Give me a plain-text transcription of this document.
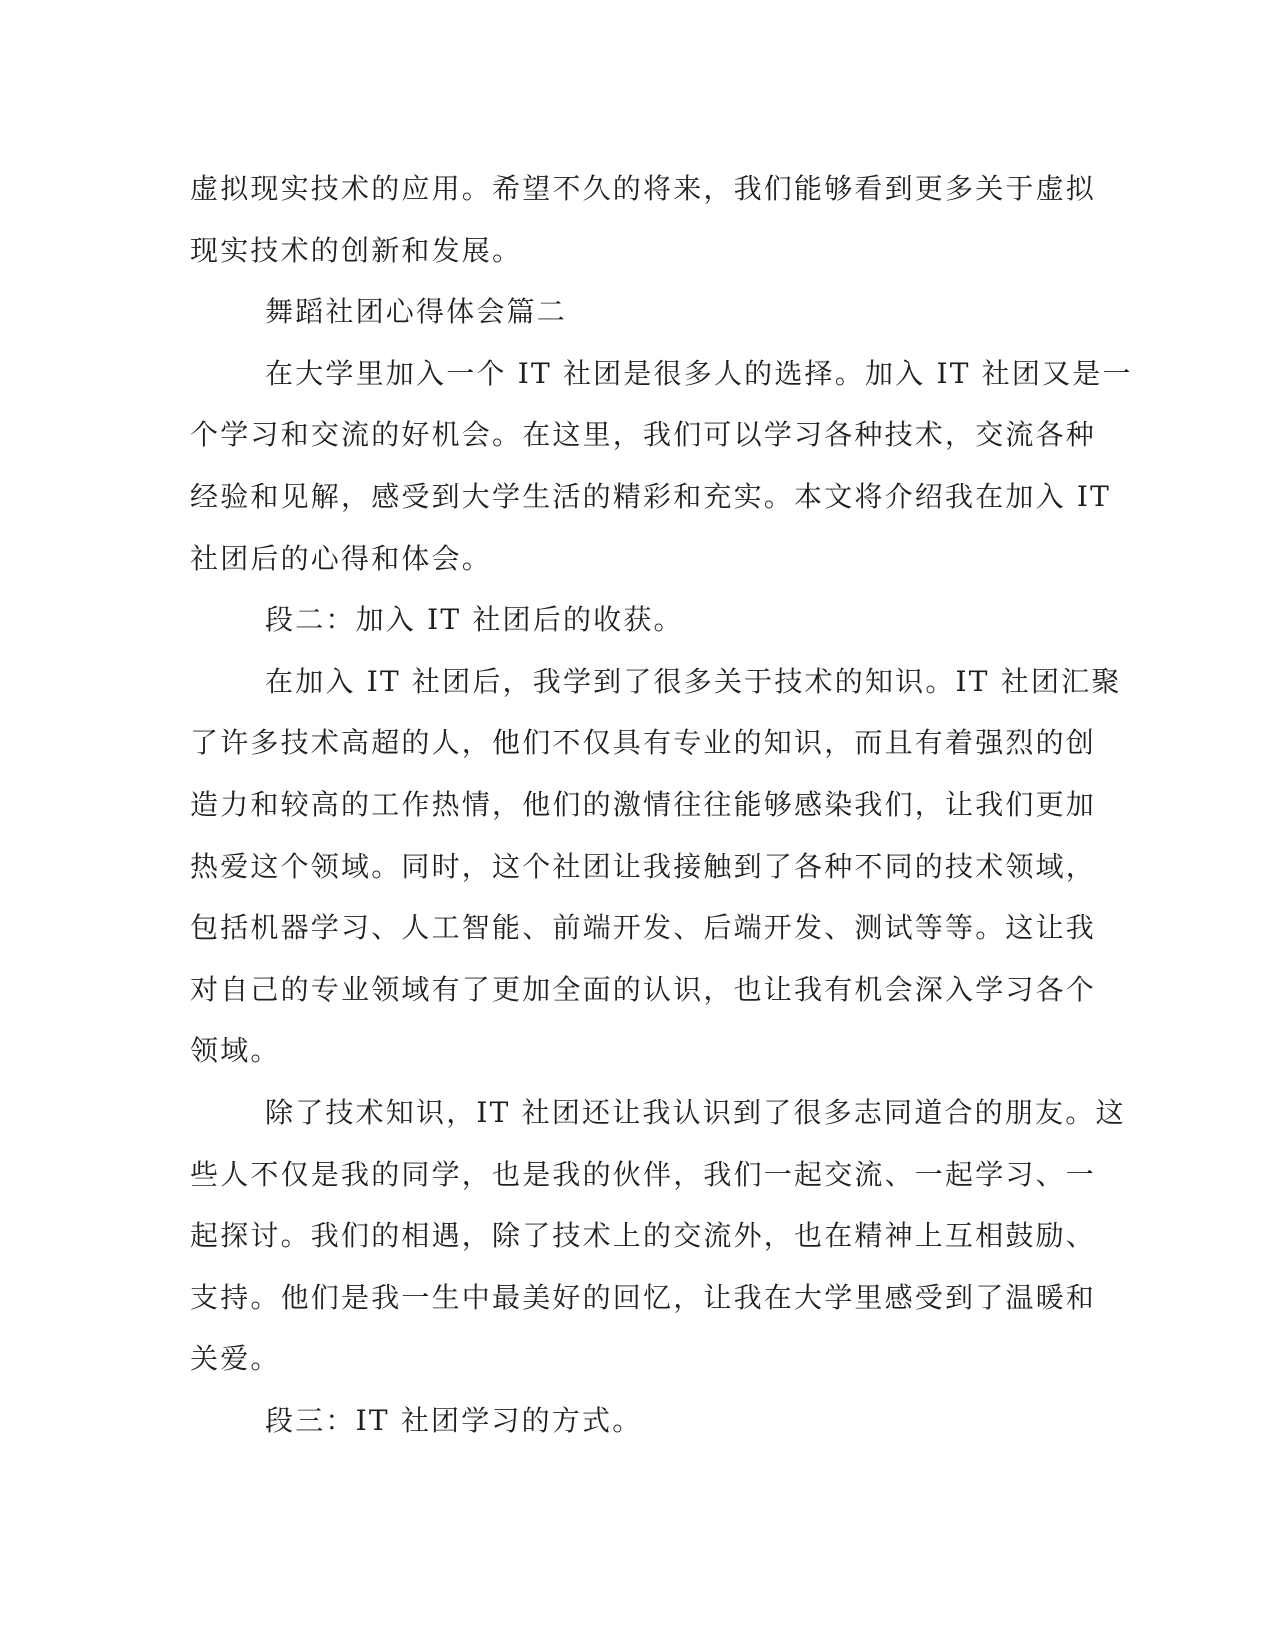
虚拟现实技术的应用。希望不久的将来，我们能够看到更多关于虚拟
现实技术的创新和发展。

舞蹈社团心得体会篇二

在大学里加入一个 IT 社团是很多人的选择。加入 IT 社团又是一
个学习和交流的好机会。在这里，我们可以学习各种技术，交流各种
经验和见解，感受到大学生活的精彩和充实。本文将介绍我在加入 IT
社团后的心得和体会。

段二：加入 IT 社团后的收获。

在加入 IT 社团后，我学到了很多关于技术的知识。IT 社团汇聚
了许多技术高超的人，他们不仅具有专业的知识，而且有着强烈的创
造力和较高的工作热情，他们的激情往往能够感染我们，让我们更加
热爱这个领域。同时，这个社团让我接触到了各种不同的技术领域，
包括机器学习、人工智能、前端开发、后端开发、测试等等。这让我
对自己的专业领域有了更加全面的认识，也让我有机会深入学习各个
领域。

除了技术知识，IT 社团还让我认识到了很多志同道合的朋友。这
些人不仅是我的同学，也是我的伙伴，我们一起交流、一起学习、一
起探讨。我们的相遇，除了技术上的交流外，也在精神上互相鼓励、
支持。他们是我一生中最美好的回忆，让我在大学里感受到了温暖和
关爱。

段三：IT 社团学习的方式。
